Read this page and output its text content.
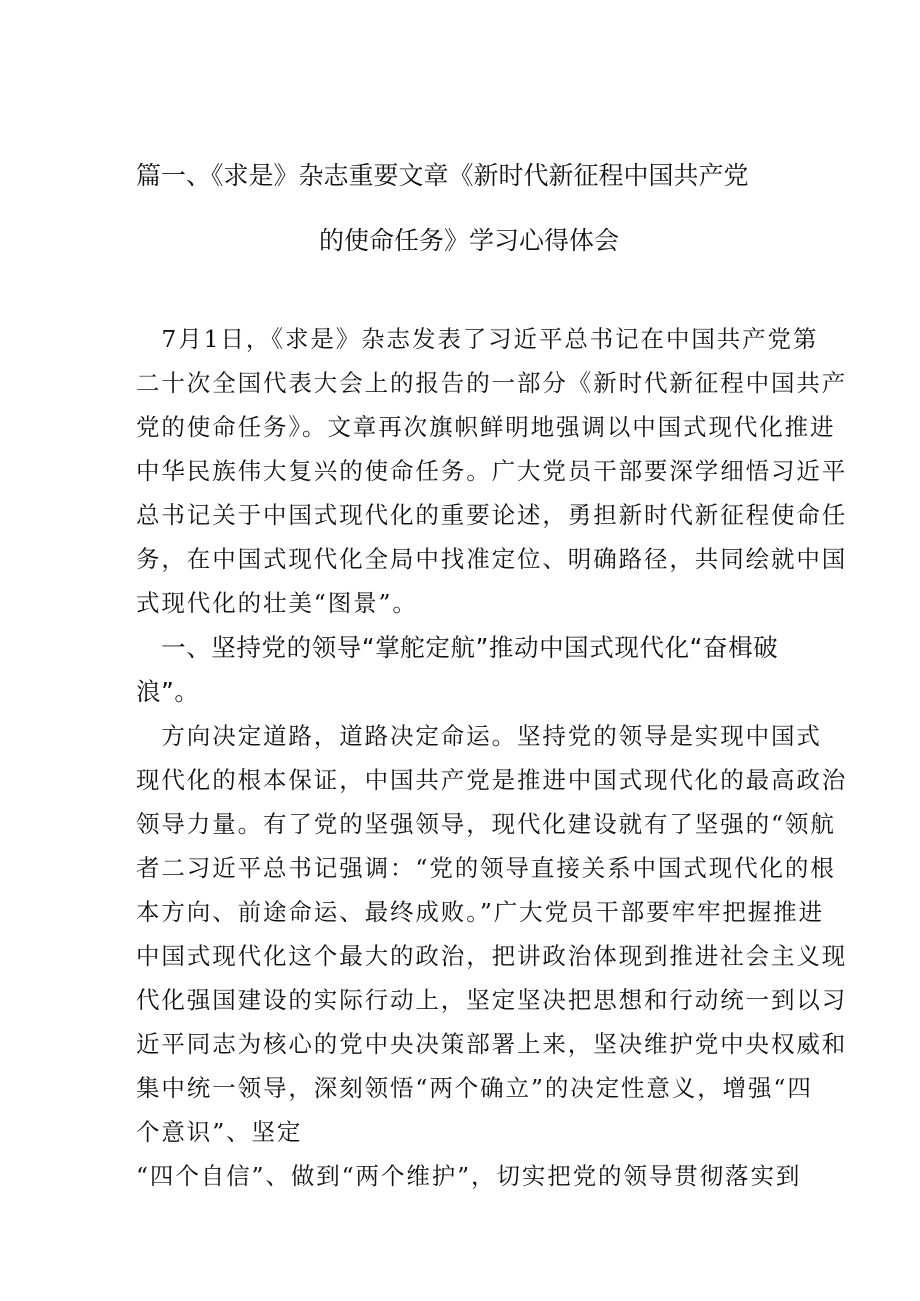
篇一、《求是》杂志重要文章《新时代新征程中国共产党
的使命任务》学习心得体会
　7月1日，《求是》杂志发表了习近平总书记在中国共产党第
二十次全国代表大会上的报告的一部分《新时代新征程中国共产
党的使命任务》。文章再次旗帜鲜明地强调以中国式现代化推进
中华民族伟大复兴的使命任务。广大党员干部要深学细悟习近平
总书记关于中国式现代化的重要论述，勇担新时代新征程使命任
务，在中国式现代化全局中找准定位、明确路径，共同绘就中国
式现代化的壮美“图景”。
　一、坚持党的领导“掌舵定航”推动中国式现代化“奋楫破
浪”。
　方向决定道路，道路决定命运。坚持党的领导是实现中国式
现代化的根本保证，中国共产党是推进中国式现代化的最高政治
领导力量。有了党的坚强领导，现代化建设就有了坚强的“领航
者二习近平总书记强调：“党的领导直接关系中国式现代化的根
本方向、前途命运、最终成败。”广大党员干部要牢牢把握推进
中国式现代化这个最大的政治，把讲政治体现到推进社会主义现
代化强国建设的实际行动上，坚定坚决把思想和行动统一到以习
近平同志为核心的党中央决策部署上来，坚决维护党中央权威和
集中统一领导，深刻领悟“两个确立”的决定性意义，增强“四
个意识”、坚定
“四个自信”、做到“两个维护”，切实把党的领导贯彻落实到
